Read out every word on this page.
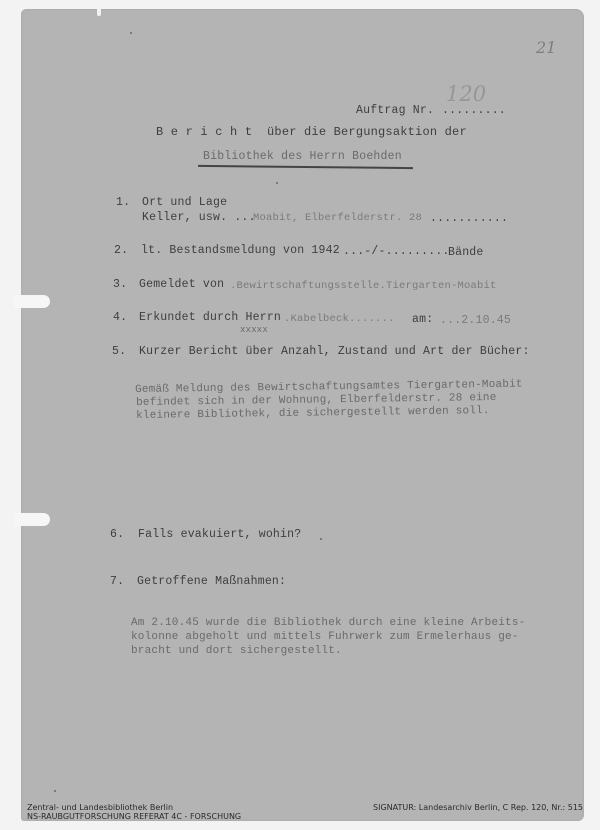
21
120
Auftrag Nr. .........
B e r i c h t  über die Bergungsaktion der
Bibliothek des Herrn Boehden
1. Ort und Lage
Keller, usw. ...
Moabit, Elberfelderstr. 28 ...........
2. lt. Bestandsmeldung von 1942 ...-/-.........
Bände
3. Gemeldet von .Bewirtschaftungsstelle.Tiergarten-Moabit
4. Erkundet durch Herrn .Kabelbeck.......
xxxxx
am: ...2.10.45
5. Kurzer Bericht über Anzahl, Zustand und Art der Bücher:
Gemäß Meldung des Bewirtschaftungsamtes Tiergarten-Moabit
befindet sich in der Wohnung, Elberfelderstr. 28 eine
kleinere Bibliothek, die sichergestellt werden soll.
6. Falls evakuiert, wohin?
7. Getroffene Maßnahmen:
Am 2.10.45 wurde die Bibliothek durch eine kleine Arbeits-
kolonne abgeholt und mittels Fuhrwerk zum Ermelerhaus ge-
bracht und dort sichergestellt.
Zentral- und Landesbibliothek Berlin
NS-RAUBGUTFORSCHUNG REFERAT 4C - FORSCHUNG
SIGNATUR: Landesarchiv Berlin, C Rep. 120, Nr.: 515
